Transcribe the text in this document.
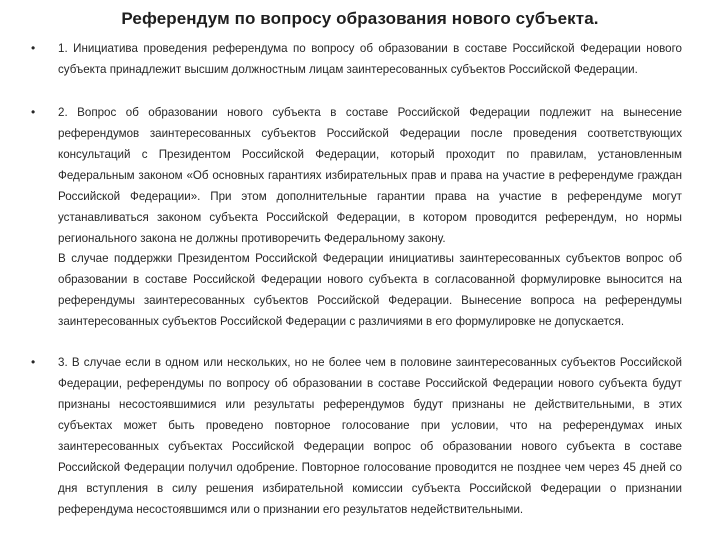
Референдум по вопросу образования нового субъекта.
• 1. Инициатива проведения референдума по вопросу об образовании в составе Российской Федерации нового субъекта принадлежит высшим должностным лицам заинтересованных субъектов Российской Федерации.

• 2. Вопрос об образовании нового субъекта в составе Российской Федерации подлежит на вынесение референдумов заинтересованных субъектов Российской Федерации после проведения соответствующих консультаций с Президентом Российской Федерации, который проходит по правилам, установленным Федеральным законом «Об основных гарантиях избирательных прав и права на участие в референдуме граждан Российской Федерации». При этом дополнительные гарантии права на участие в референдуме могут устанавливаться законом субъекта Российской Федерации, в котором проводится референдум, но нормы регионального закона не должны противоречить Федеральному закону.

В случае поддержки Президентом Российской Федерации инициативы заинтересованных субъектов вопрос об образовании в составе Российской Федерации нового субъекта в согласованной формулировке выносится на референдумы заинтересованных субъектов Российской Федерации. Вынесение вопроса на референдумы заинтересованных субъектов Российской Федерации с различиями в его формулировке не допускается.

• 3. В случае если в одном или нескольких, но не более чем в половине заинтересованных субъектов Российской Федерации, референдумы по вопросу об образовании в составе Российской Федерации нового субъекта будут признаны несостоявшимися или результаты референдумов будут признаны не действительными, в этих субъектах может быть проведено повторное голосование при условии, что на референдумах иных заинтересованных субъектах Российской Федерации вопрос об образовании нового субъекта в составе Российской Федерации получил одобрение. Повторное голосование проводится не позднее чем через 45 дней со дня вступления в силу решения избирательной комиссии субъекта Российской Федерации о признании референдума несостоявшимся или о признании его результатов недействительными.
